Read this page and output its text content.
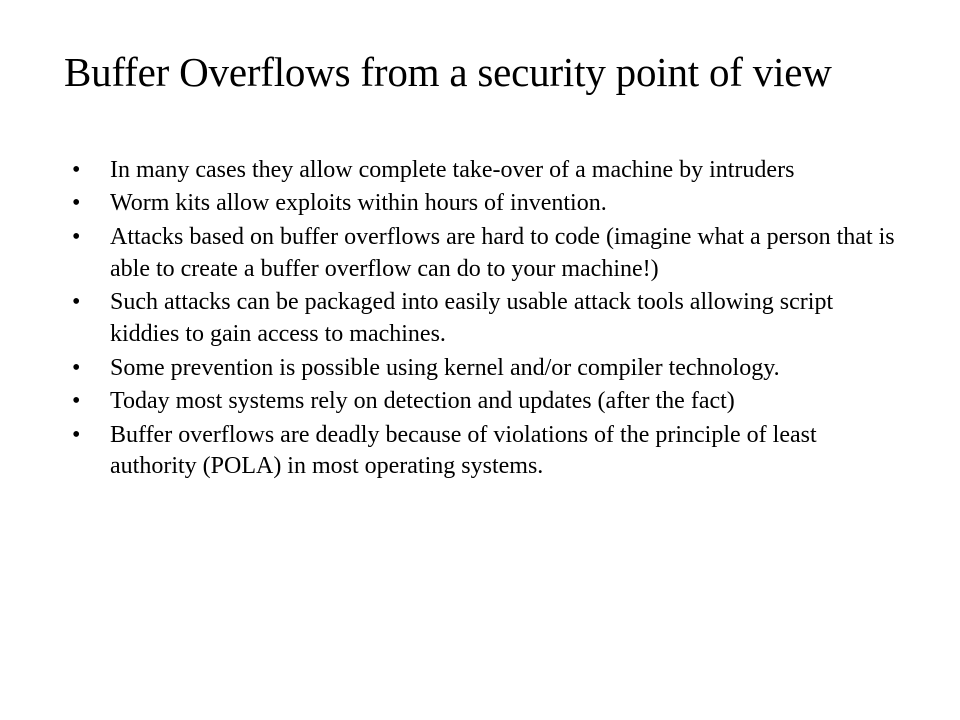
Buffer Overflows from a security point of view
•	In many cases they allow complete take-over of a machine by intruders
•	Worm kits allow exploits within hours of invention.
•	Attacks based on buffer overflows are hard to code (imagine what a person that is able to create a buffer overflow can do to your machine!)
•	Such attacks can be packaged into easily usable attack tools allowing script kiddies to gain access to machines.
•	Some prevention is possible using kernel and/or compiler technology.
•	Today most systems rely on detection and updates (after the fact)
•	Buffer overflows are deadly because of violations of the principle of least authority (POLA) in most operating systems.
